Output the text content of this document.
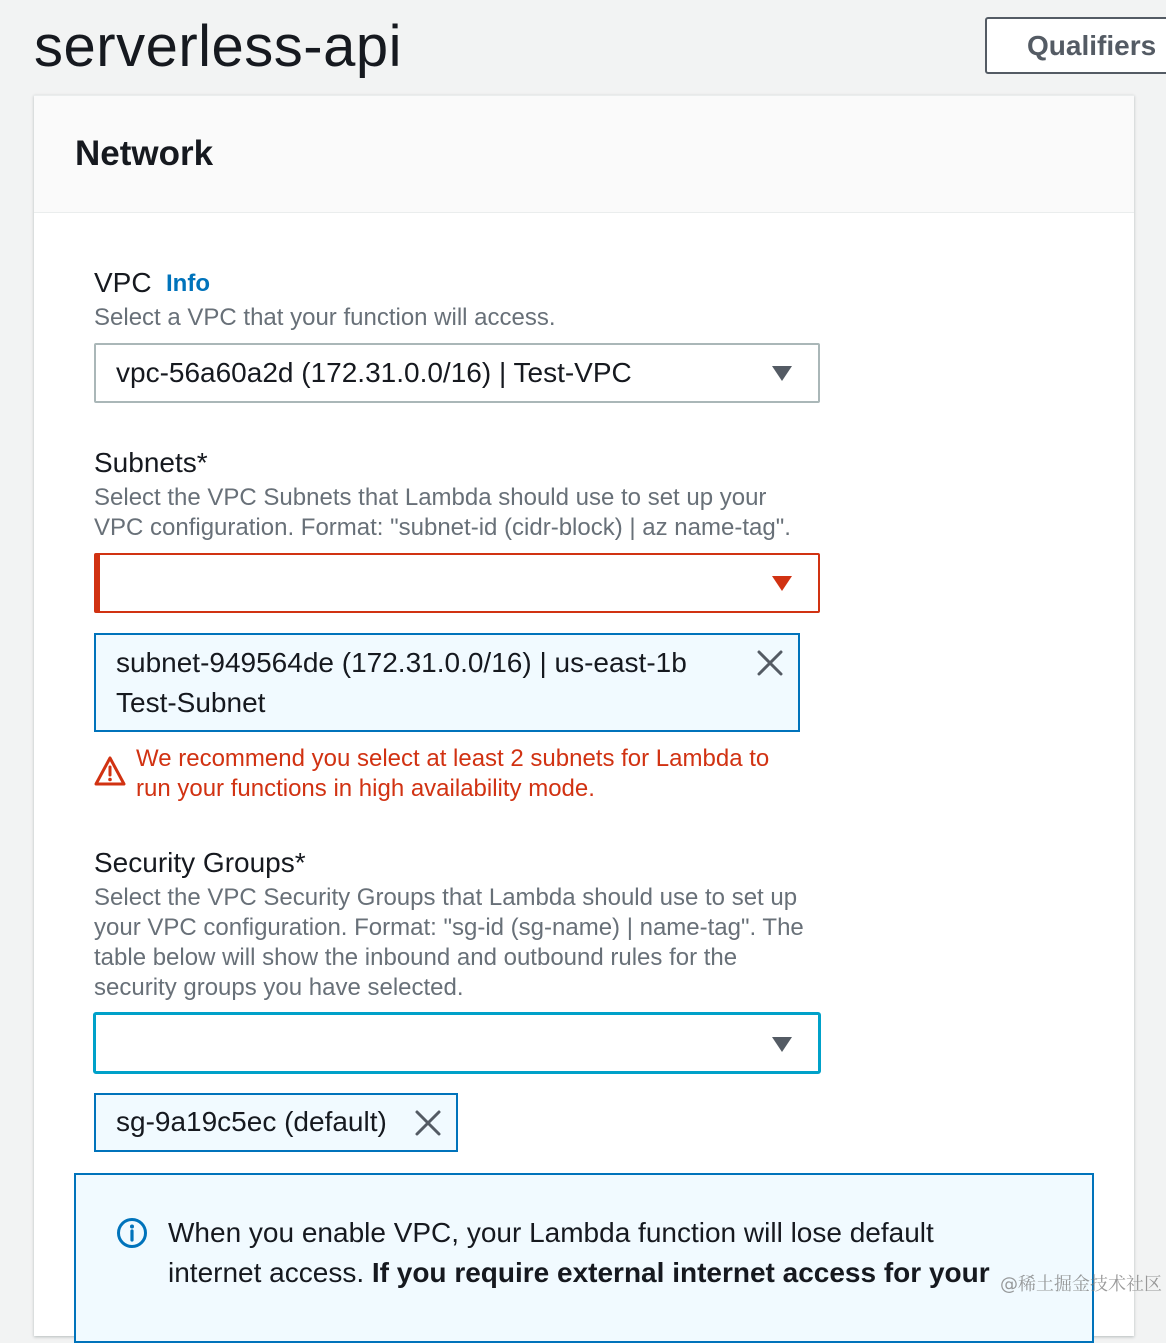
serverless-api	Qualifiers
Network
VPC Info
Select a VPC that your function will access.
vpc-56a60a2d (172.31.0.0/16) | Test-VPC
Subnets*
Select the VPC Subnets that Lambda should use to set up your
VPC configuration. Format: "subnet-id (cidr-block) | az name-tag".
subnet-949564de (172.31.0.0/16) | us-east-1b
Test-Subnet
We recommend you select at least 2 subnets for Lambda to
run your functions in high availability mode.
Security Groups*
Select the VPC Security Groups that Lambda should use to set up
your VPC configuration. Format: "sg-id (sg-name) | name-tag". The
table below will show the inbound and outbound rules for the
security groups you have selected.
sg-9a19c5ec (default)
When you enable VPC, your Lambda function will lose default
internet access. If you require external internet access for your @稀土掘金技术社区
